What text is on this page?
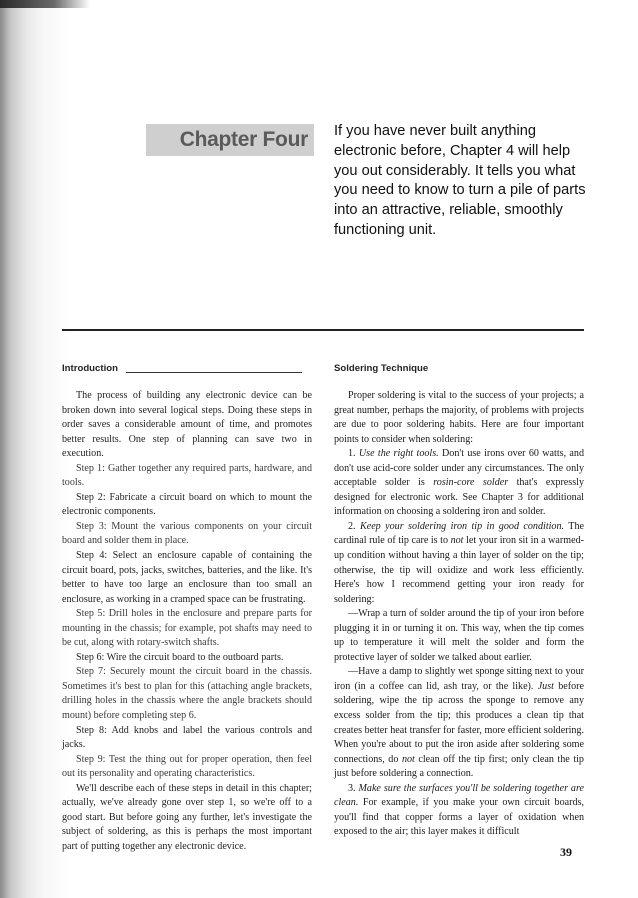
Chapter Four	If you have never built anything electronic before, Chapter 4 will help you out considerably. It tells you what you need to know to turn a pile of parts into an attractive, reliable, smoothly functioning unit.
Introduction

The process of building any electronic device can be broken down into several logical steps. Doing these steps in order saves a considerable amount of time, and promotes better results. One step of planning can save two in execution.

Step 1: Gather together any required parts, hardware, and tools.

Step 2: Fabricate a circuit board on which to mount the electronic components.

Step 3: Mount the various components on your circuit board and solder them in place.

Step 4: Select an enclosure capable of containing the circuit board, pots, jacks, switches, batteries, and the like. It's better to have too large an enclosure than too small an enclosure, as working in a cramped space can be frustrating.

Step 5: Drill holes in the enclosure and prepare parts for mounting in the chassis; for example, pot shafts may need to be cut, along with rotary-switch shafts.

Step 6: Wire the circuit board to the outboard parts.

Step 7: Securely mount the circuit board in the chassis. Sometimes it's best to plan for this (attaching angle brackets, drilling holes in the chassis where the angle brackets should mount) before completing step 6.

Step 8: Add knobs and label the various controls and jacks.

Step 9: Test the thing out for proper operation, then feel out its personality and operating characteristics.

We'll describe each of these steps in detail in this chapter; actually, we've already gone over step 1, so we're off to a good start. But before going any further, let's investigate the subject of soldering, as this is perhaps the most important part of putting together any electronic device.

Soldering Technique

Proper soldering is vital to the success of your projects; a great number, perhaps the majority, of problems with projects are due to poor soldering habits. Here are four important points to consider when soldering:

1. Use the right tools. Don't use irons over 60 watts, and don't use acid-core solder under any circumstances. The only acceptable solder is rosin-core solder that's expressly designed for electronic work. See Chapter 3 for additional information on choosing a soldering iron and solder.

2. Keep your soldering iron tip in good condition. The cardinal rule of tip care is to not let your iron sit in a warmed-up condition without having a thin layer of solder on the tip; otherwise, the tip will oxidize and work less efficiently. Here's how I recommend getting your iron ready for soldering:

—Wrap a turn of solder around the tip of your iron before plugging it in or turning it on. This way, when the tip comes up to temperature it will melt the solder and form the protective layer of solder we talked about earlier.

—Have a damp to slightly wet sponge sitting next to your iron (in a coffee can lid, ash tray, or the like). Just before soldering, wipe the tip across the sponge to remove any excess solder from the tip; this produces a clean tip that creates better heat transfer for faster, more efficient soldering. When you're about to put the iron aside after soldering some connections, do not clean off the tip first; only clean the tip just before soldering a connection.

3. Make sure the surfaces you'll be soldering together are clean. For example, if you make your own circuit boards, you'll find that copper forms a layer of oxidation when exposed to the air; this layer makes it difficult

39
